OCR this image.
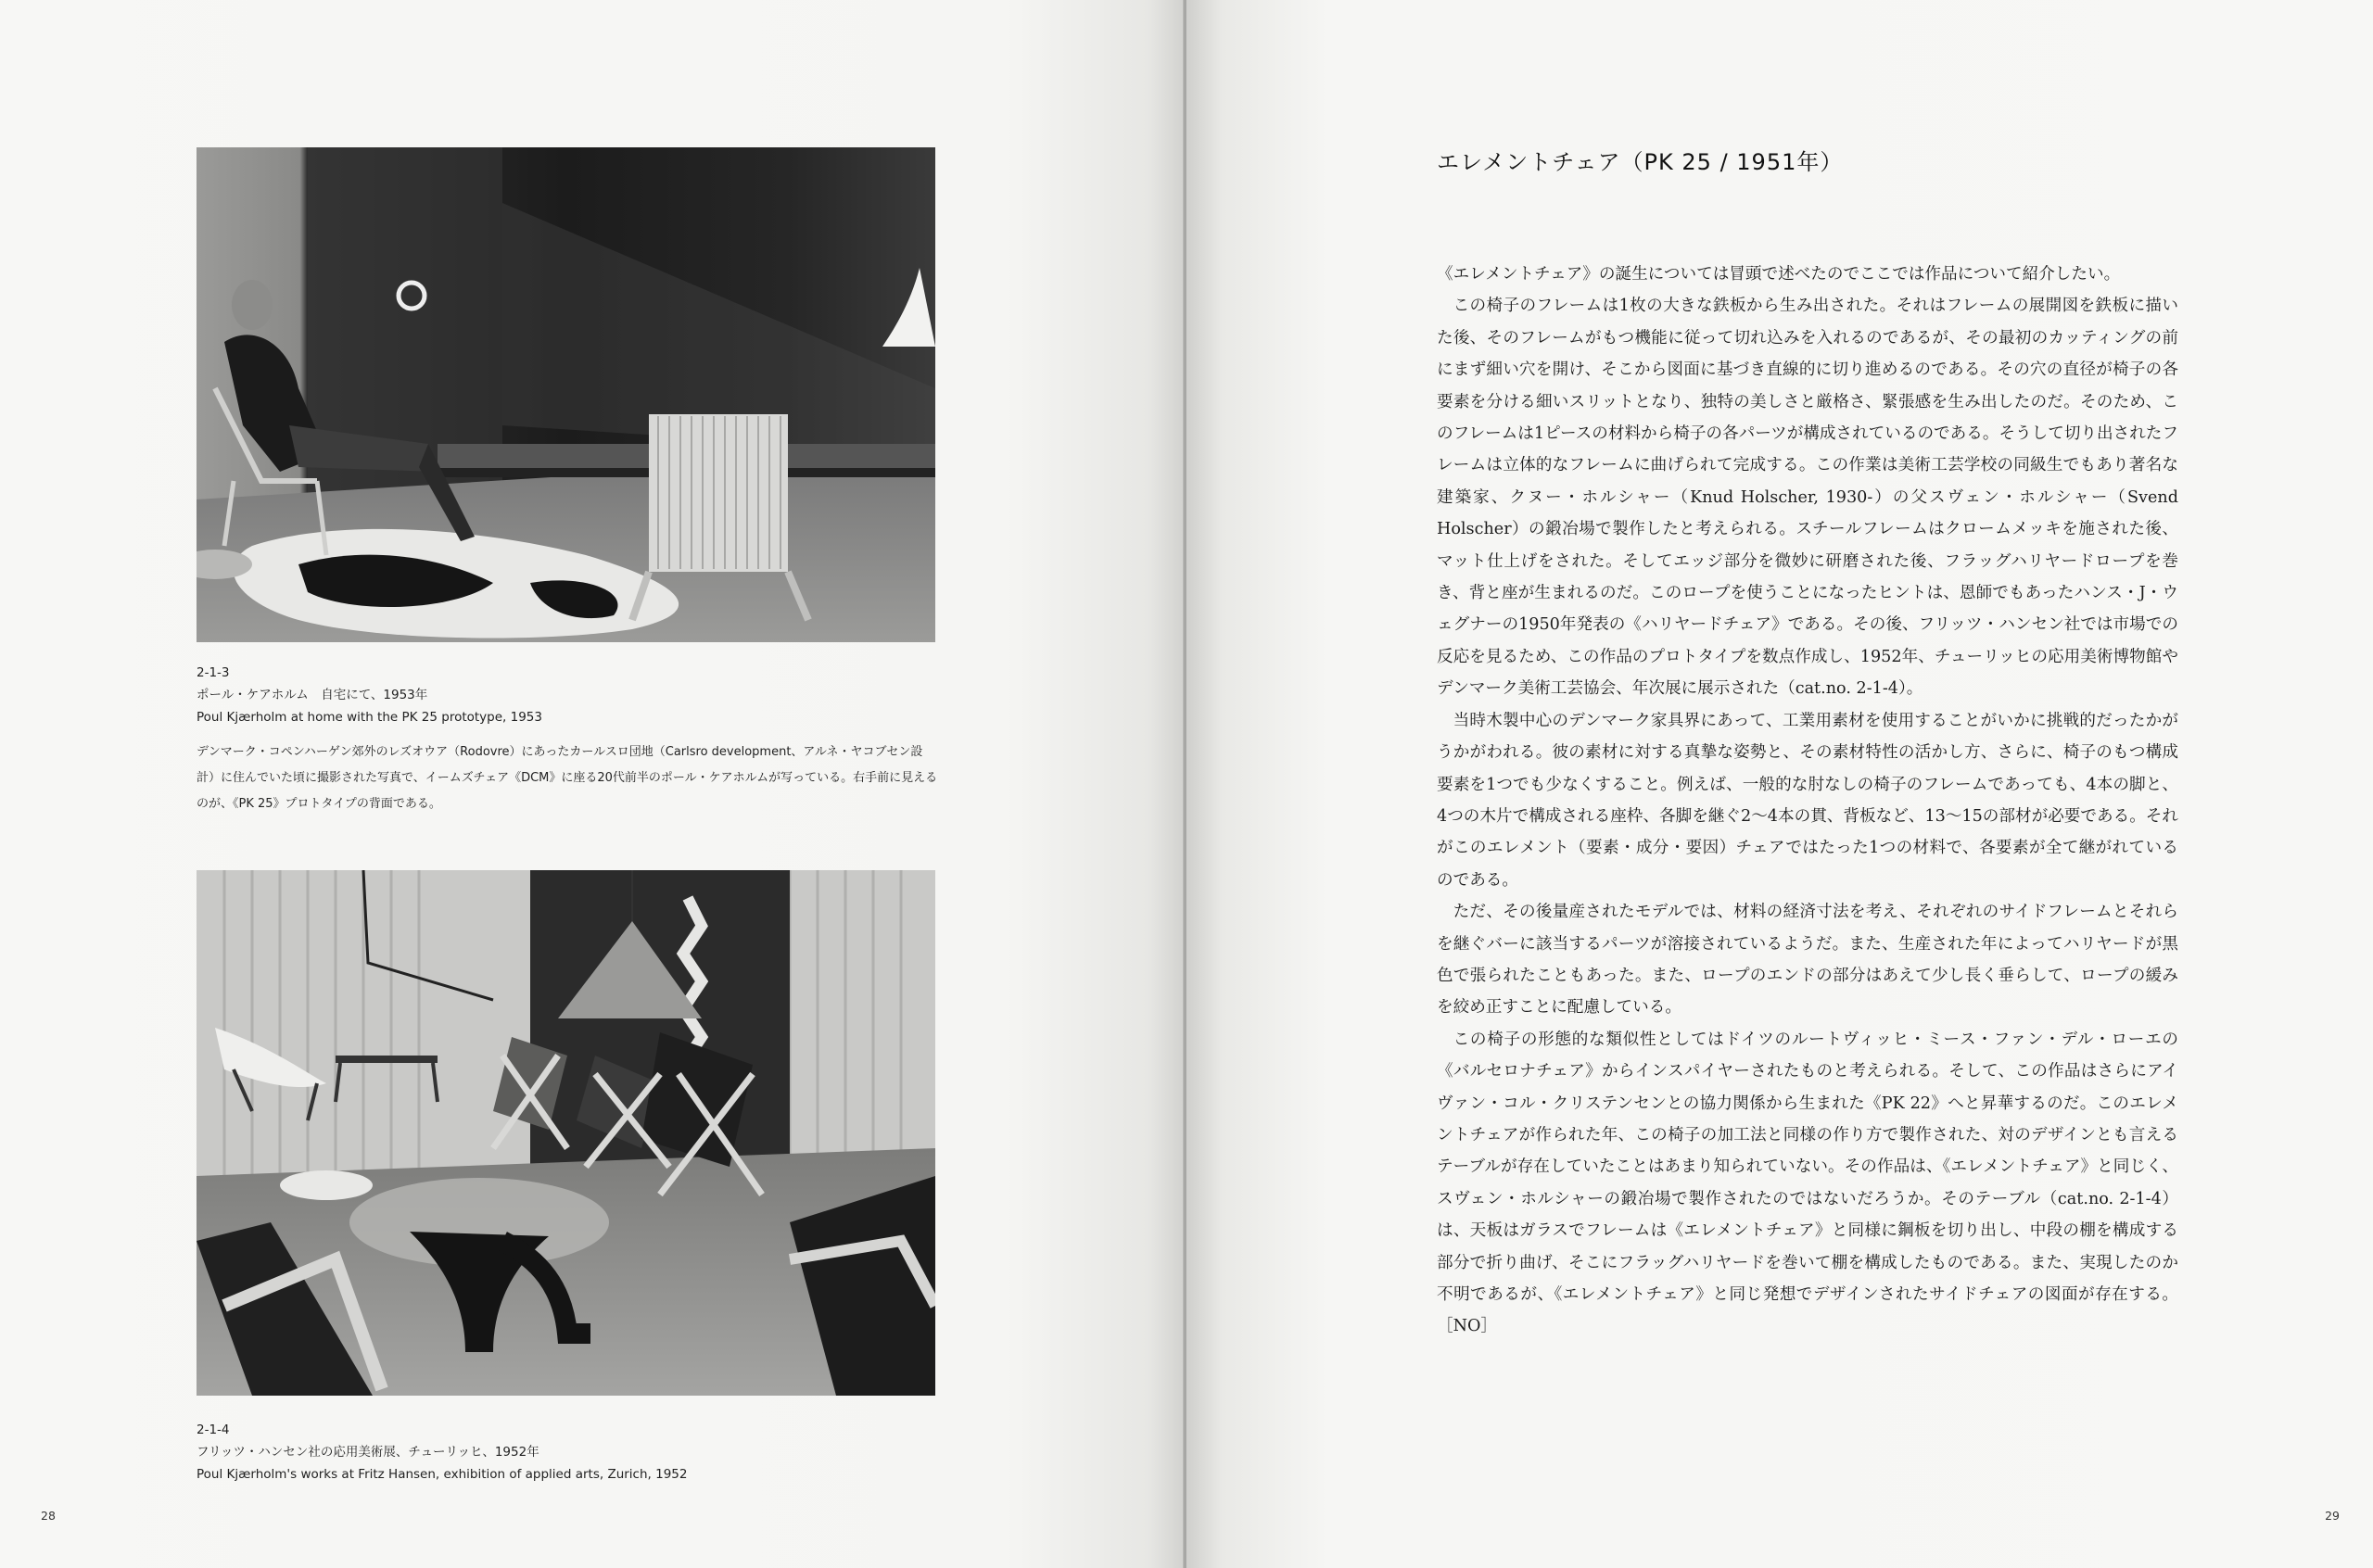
2-1-3

ポール・ケアホルム　自宅にて、1953年

Poul Kjærholm at home with the PK 25 prototype, 1953

デンマーク・コペンハーゲン郊外のレズオウア（Rodovre）にあったカールスロ団地（Carlsro development、アルネ・ヤコブセン設計）に住んでいた頃に撮影された写真で、イームズチェア《DCM》に座る20代前半のポール・ケアホルムが写っている。右手前に見えるのが、《PK 25》プロトタイプの背面である。

2-1-4

フリッツ・ハンセン社の応用美術展、チューリッヒ、1952年

Poul Kjærholm's works at Fritz Hansen, exhibition of applied arts, Zurich, 1952

28
エレメントチェア（PK 25 / 1951年）

《エレメントチェア》の誕生については冒頭で述べたのでここでは作品について紹介したい。

この椅子のフレームは1枚の大きな鉄板から生み出された。それはフレームの展開図を鉄板に描いた後、そのフレームがもつ機能に従って切れ込みを入れるのであるが、その最初のカッティングの前にまず細い穴を開け、そこから図面に基づき直線的に切り進めるのである。その穴の直径が椅子の各要素を分ける細いスリットとなり、独特の美しさと厳格さ、緊張感を生み出したのだ。そのため、このフレームは1ピースの材料から椅子の各パーツが構成されているのである。そうして切り出されたフレームは立体的なフレームに曲げられて完成する。この作業は美術工芸学校の同級生でもあり著名な建築家、クヌー・ホルシャー（Knud Holscher, 1930-）の父スヴェン・ホルシャー（Svend Holscher）の鍛冶場で製作したと考えられる。スチールフレームはクロームメッキを施された後、マット仕上げをされた。そしてエッジ部分を微妙に研磨された後、フラッグハリヤードロープを巻き、背と座が生まれるのだ。このロープを使うことになったヒントは、恩師でもあったハンス・J・ウェグナーの1950年発表の《ハリヤードチェア》である。その後、フリッツ・ハンセン社では市場での反応を見るため、この作品のプロトタイプを数点作成し、1952年、チューリッヒの応用美術博物館やデンマーク美術工芸協会、年次展に展示された（cat.no. 2-1-4）。

当時木製中心のデンマーク家具界にあって、工業用素材を使用することがいかに挑戦的だったかがうかがわれる。彼の素材に対する真摯な姿勢と、その素材特性の活かし方、さらに、椅子のもつ構成要素を1つでも少なくすること。例えば、一般的な肘なしの椅子のフレームであっても、4本の脚と、4つの木片で構成される座枠、各脚を継ぐ2～4本の貫、背板など、13～15の部材が必要である。それがこのエレメント（要素・成分・要因）チェアではたった1つの材料で、各要素が全て継がれているのである。

ただ、その後量産されたモデルでは、材料の経済寸法を考え、それぞれのサイドフレームとそれらを継ぐバーに該当するパーツが溶接されているようだ。また、生産された年によってハリヤードが黒色で張られたこともあった。また、ロープのエンドの部分はあえて少し長く垂らして、ロープの緩みを絞め正すことに配慮している。

この椅子の形態的な類似性としてはドイツのルートヴィッヒ・ミース・ファン・デル・ローエの《バルセロナチェア》からインスパイヤーされたものと考えられる。そして、この作品はさらにアイヴァン・コル・クリステンセンとの協力関係から生まれた《PK 22》へと昇華するのだ。このエレメントチェアが作られた年、この椅子の加工法と同様の作り方で製作された、対のデザインとも言えるテーブルが存在していたことはあまり知られていない。その作品は、《エレメントチェア》と同じく、スヴェン・ホルシャーの鍛冶場で製作されたのではないだろうか。そのテーブル（cat.no. 2-1-4）は、天板はガラスでフレームは《エレメントチェア》と同様に鋼板を切り出し、中段の棚を構成する部分で折り曲げ、そこにフラッグハリヤードを巻いて棚を構成したものである。また、実現したのか不明であるが、《エレメントチェア》と同じ発想でデザインされたサイドチェアの図面が存在する。［NO］

29
